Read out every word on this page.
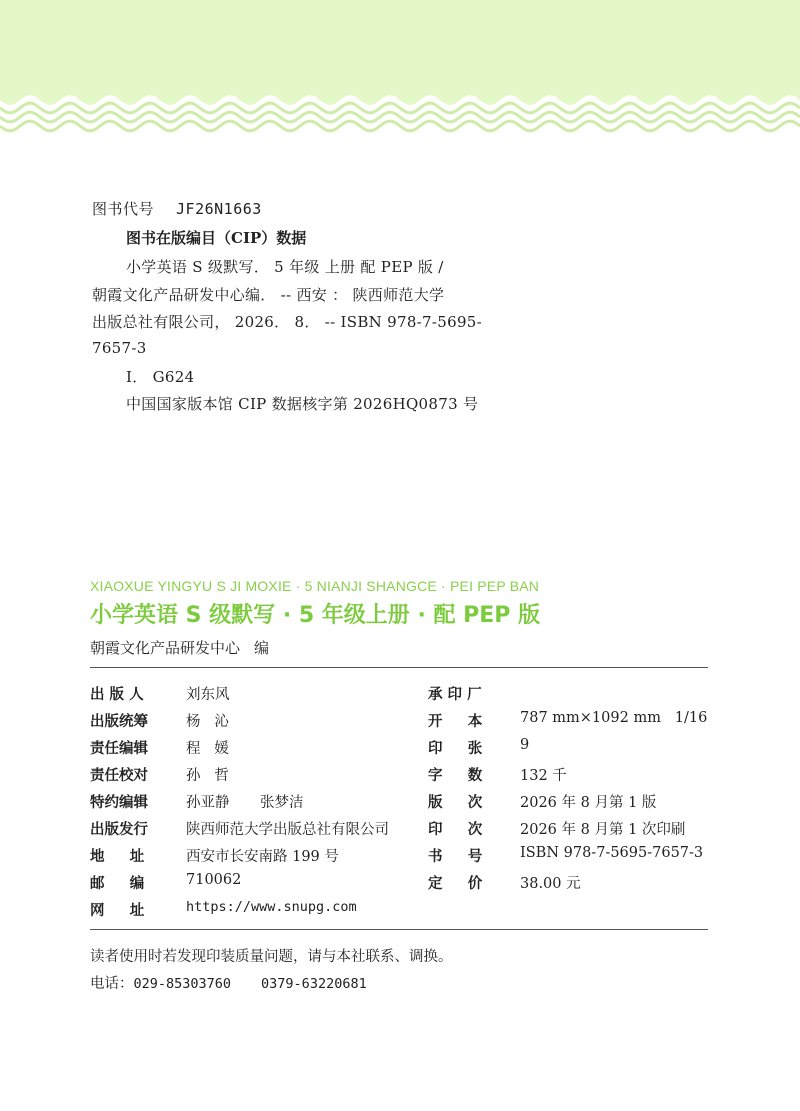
图书代号 JF26N1663
图书在版编目（CIP）数据
小学英语 S 级默写． 5 年级 上册 配 PEP 版 /
朝霞文化产品研发中心编． -- 西安 ： 陕西师范大学
出版总社有限公司， 2026． 8． -- ISBN 978-7-5695-
7657-3
Ⅰ． G624
中国国家版本馆 CIP 数据核字第 2026HQ0873 号
XIAOXUE YINGYU S JI MOXIE · 5 NIANJI SHANGCE · PEI PEP BAN
小学英语 S 级默写 · 5 年级上册 · 配 PEP 版
朝霞文化产品研发中心 编
出 版 人	刘东风
出版统筹	杨   沁
责任编辑	程   媛
责任校对	孙   哲
特约编辑	孙亚静 张梦洁
出版发行	陕西师范大学出版总社有限公司
地     址	西安市长安南路 199 号
邮     编	710062
网     址	https://www.snupg.com
承 印 厂
开     本	787 mm×1092 mm   1/16
印     张	9
字     数	132 千
版     次	2026 年 8 月第 1 版
印     次	2026 年 8 月第 1 次印刷
书     号	ISBN 978-7-5695-7657-3
定     价	38.00 元
读者使用时若发现印装质量问题，请与本社联系、调换。
电话：029-85303760 0379-63220681
